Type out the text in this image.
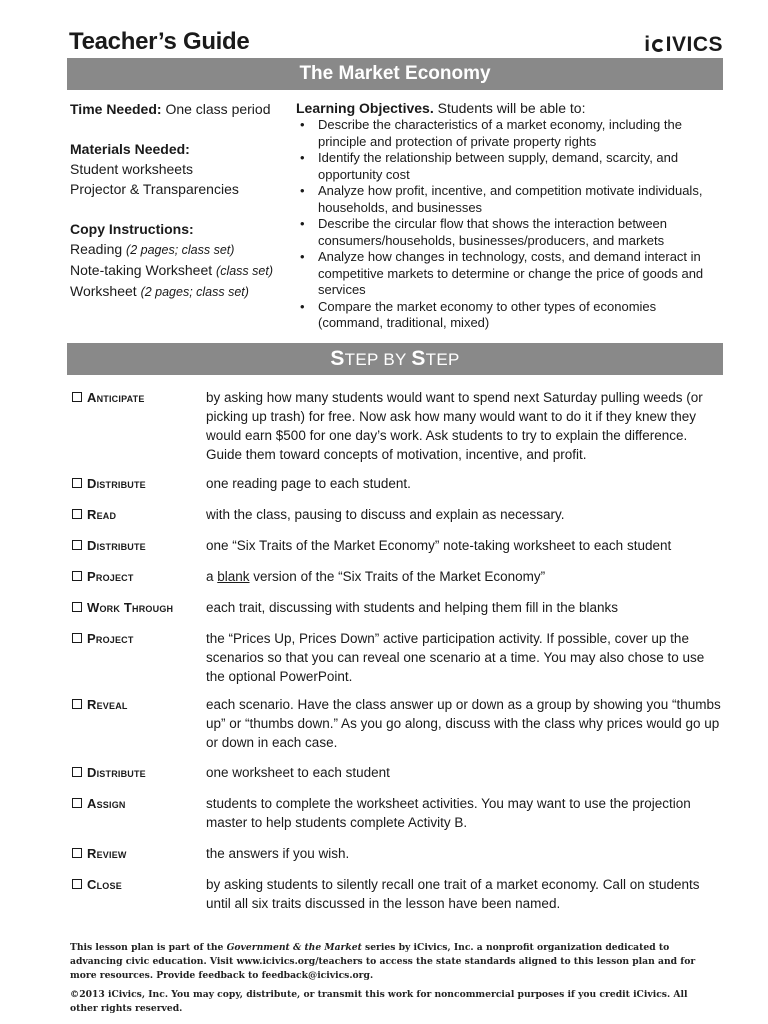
Teacher’s Guide	i IVICS
The Market Economy

Time Needed: One class period

Materials Needed:

Student worksheets

Projector & Transparencies

Copy Instructions:

Reading (2 pages; class set)

Note-taking Worksheet (class set)

Worksheet (2 pages; class set)

Learning Objectives. Students will be able to:
• Describe the characteristics of a market economy, including the principle and protection of private property rights
• Identify the relationship between supply, demand, scarcity, and opportunity cost
• Analyze how profit, incentive, and competition motivate individuals, households, and businesses
• Describe the circular flow that shows the interaction between consumers/households, businesses/producers, and markets
• Analyze how changes in technology, costs, and demand interact in competitive markets to determine or change the price of goods and services
• Compare the market economy to other types of economies (command, traditional, mixed)
STEP BY STEP
Anticipate	by asking how many students would want to spend next Saturday pulling weeds (or picking up trash) for free. Now ask how many would want to do it if they knew they would earn $500 for one day’s work. Ask students to try to explain the difference. Guide them toward concepts of motivation, incentive, and profit.
Distribute	one reading page to each student.
Read	with the class, pausing to discuss and explain as necessary.
Distribute	one “Six Traits of the Market Economy” note-taking worksheet to each student
Project	a blank version of the “Six Traits of the Market Economy”
Work Through	each trait, discussing with students and helping them fill in the blanks
Project	the “Prices Up, Prices Down” active participation activity. If possible, cover up the scenarios so that you can reveal one scenario at a time. You may also chose to use the optional PowerPoint.
Reveal	each scenario. Have the class answer up or down as a group by showing you “thumbs up” or “thumbs down.” As you go along, discuss with the class why prices would go up or down in each case.
Distribute	one worksheet to each student
Assign	students to complete the worksheet activities. You may want to use the projection master to help students complete Activity B.
Review	the answers if you wish.
Close	by asking students to silently recall one trait of a market economy. Call on students until all six traits discussed in the lesson have been named.

This lesson plan is part of the Government & the Market series by iCivics, Inc. a nonprofit organization dedicated to advancing civic education. Visit www.icivics.org/teachers to access the state standards aligned to this lesson plan and for more resources. Provide feedback to feedback@icivics.org.

©2013 iCivics, Inc. You may copy, distribute, or transmit this work for noncommercial purposes if you credit iCivics. All other rights reserved.
